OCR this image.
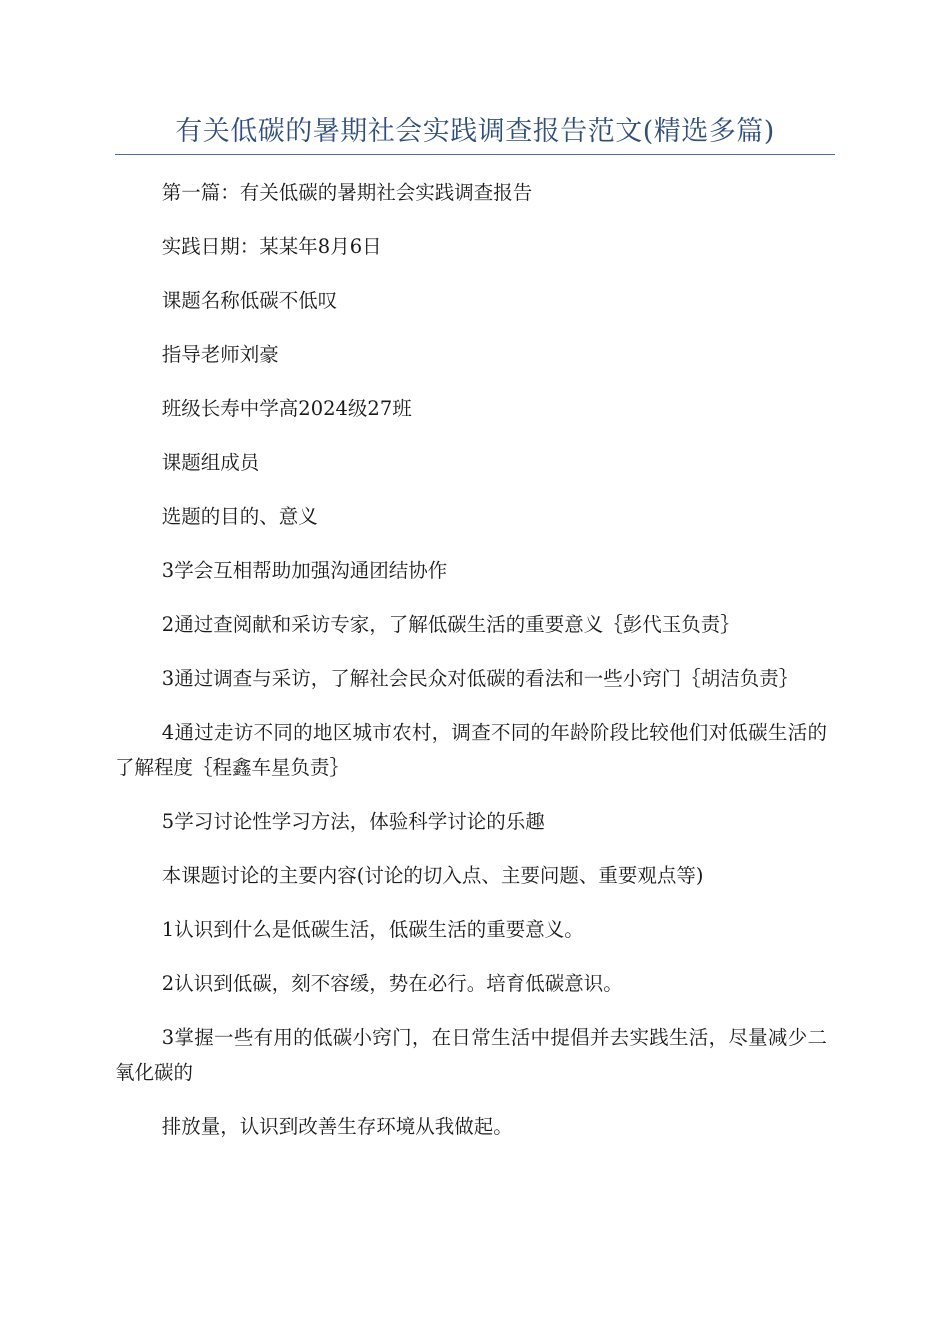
有关低碳的暑期社会实践调查报告范文(精选多篇)

第一篇：有关低碳的暑期社会实践调查报告

实践日期：某某年8月6日

课题名称低碳不低叹

指导老师刘豪

班级长寿中学高2024级27班

课题组成员

选题的目的、意义

3学会互相帮助加强沟通团结协作

2通过查阅献和采访专家，了解低碳生活的重要意义｛彭代玉负责｝

3通过调查与采访，了解社会民众对低碳的看法和一些小窍门｛胡洁负责｝

4通过走访不同的地区城市农村，调查不同的年龄阶段比较他们对低碳生活的了解程度｛程鑫车星负责｝

5学习讨论性学习方法，体验科学讨论的乐趣

本课题讨论的主要内容(讨论的切入点、主要问题、重要观点等)

1认识到什么是低碳生活，低碳生活的重要意义。

2认识到低碳，刻不容缓，势在必行。培育低碳意识。

3掌握一些有用的低碳小窍门，在日常生活中提倡并去实践生活，尽量减少二氧化碳的

排放量，认识到改善生存环境从我做起。
